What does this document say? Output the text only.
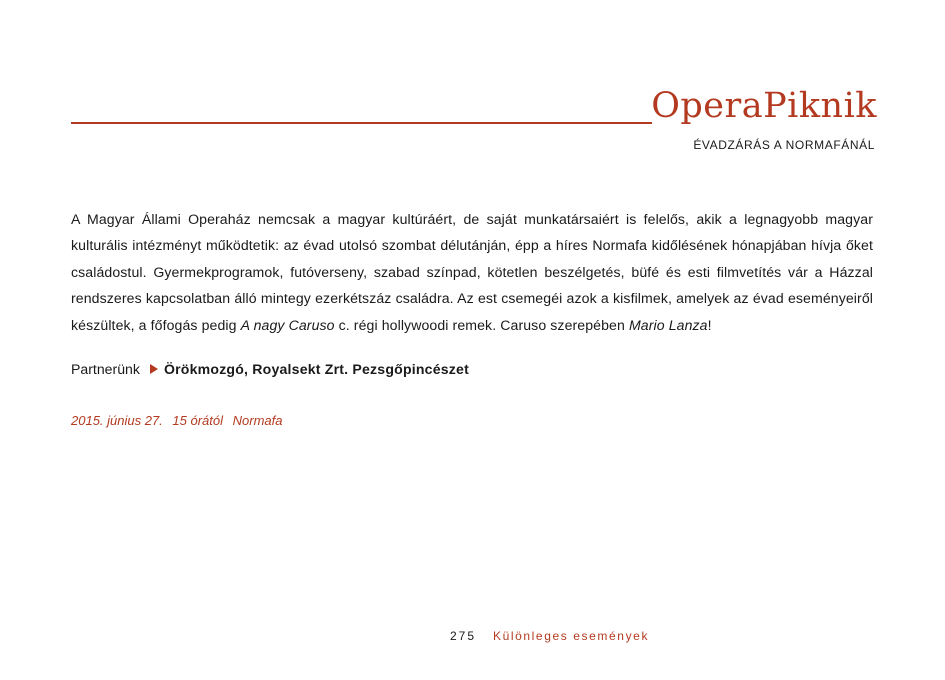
OperaPiknik
ÉVADZÁRÁS A NORMAFÁNÁL

A Magyar Állami Operaház nemcsak a magyar kultúráért, de saját munkatársaiért is felelős, akik a legnagyobb magyar kulturális intézményt működtetik: az évad utolsó szombat délutánján, épp a híres Normafa kidőlésének hónapjában hívja őket családostul. Gyermekprogramok, futóverseny, szabad színpad, kötetlen beszélgetés, büfé és esti filmvetítés vár a Házzal rendszeres kapcsolatban álló mintegy ezerkétszáz családra. Az est csemegéi azok a kisfilmek, amelyek az évad eseményeiről készültek, a főfogás pedig A nagy Caruso c. régi hollywoodi remek. Caruso szerepében Mario Lanza!

Partnerünk Örökmozgó, Royalsekt Zrt. Pezsgőpincészet
2015. június 27. 15 órától Normafa
275 Különleges események
